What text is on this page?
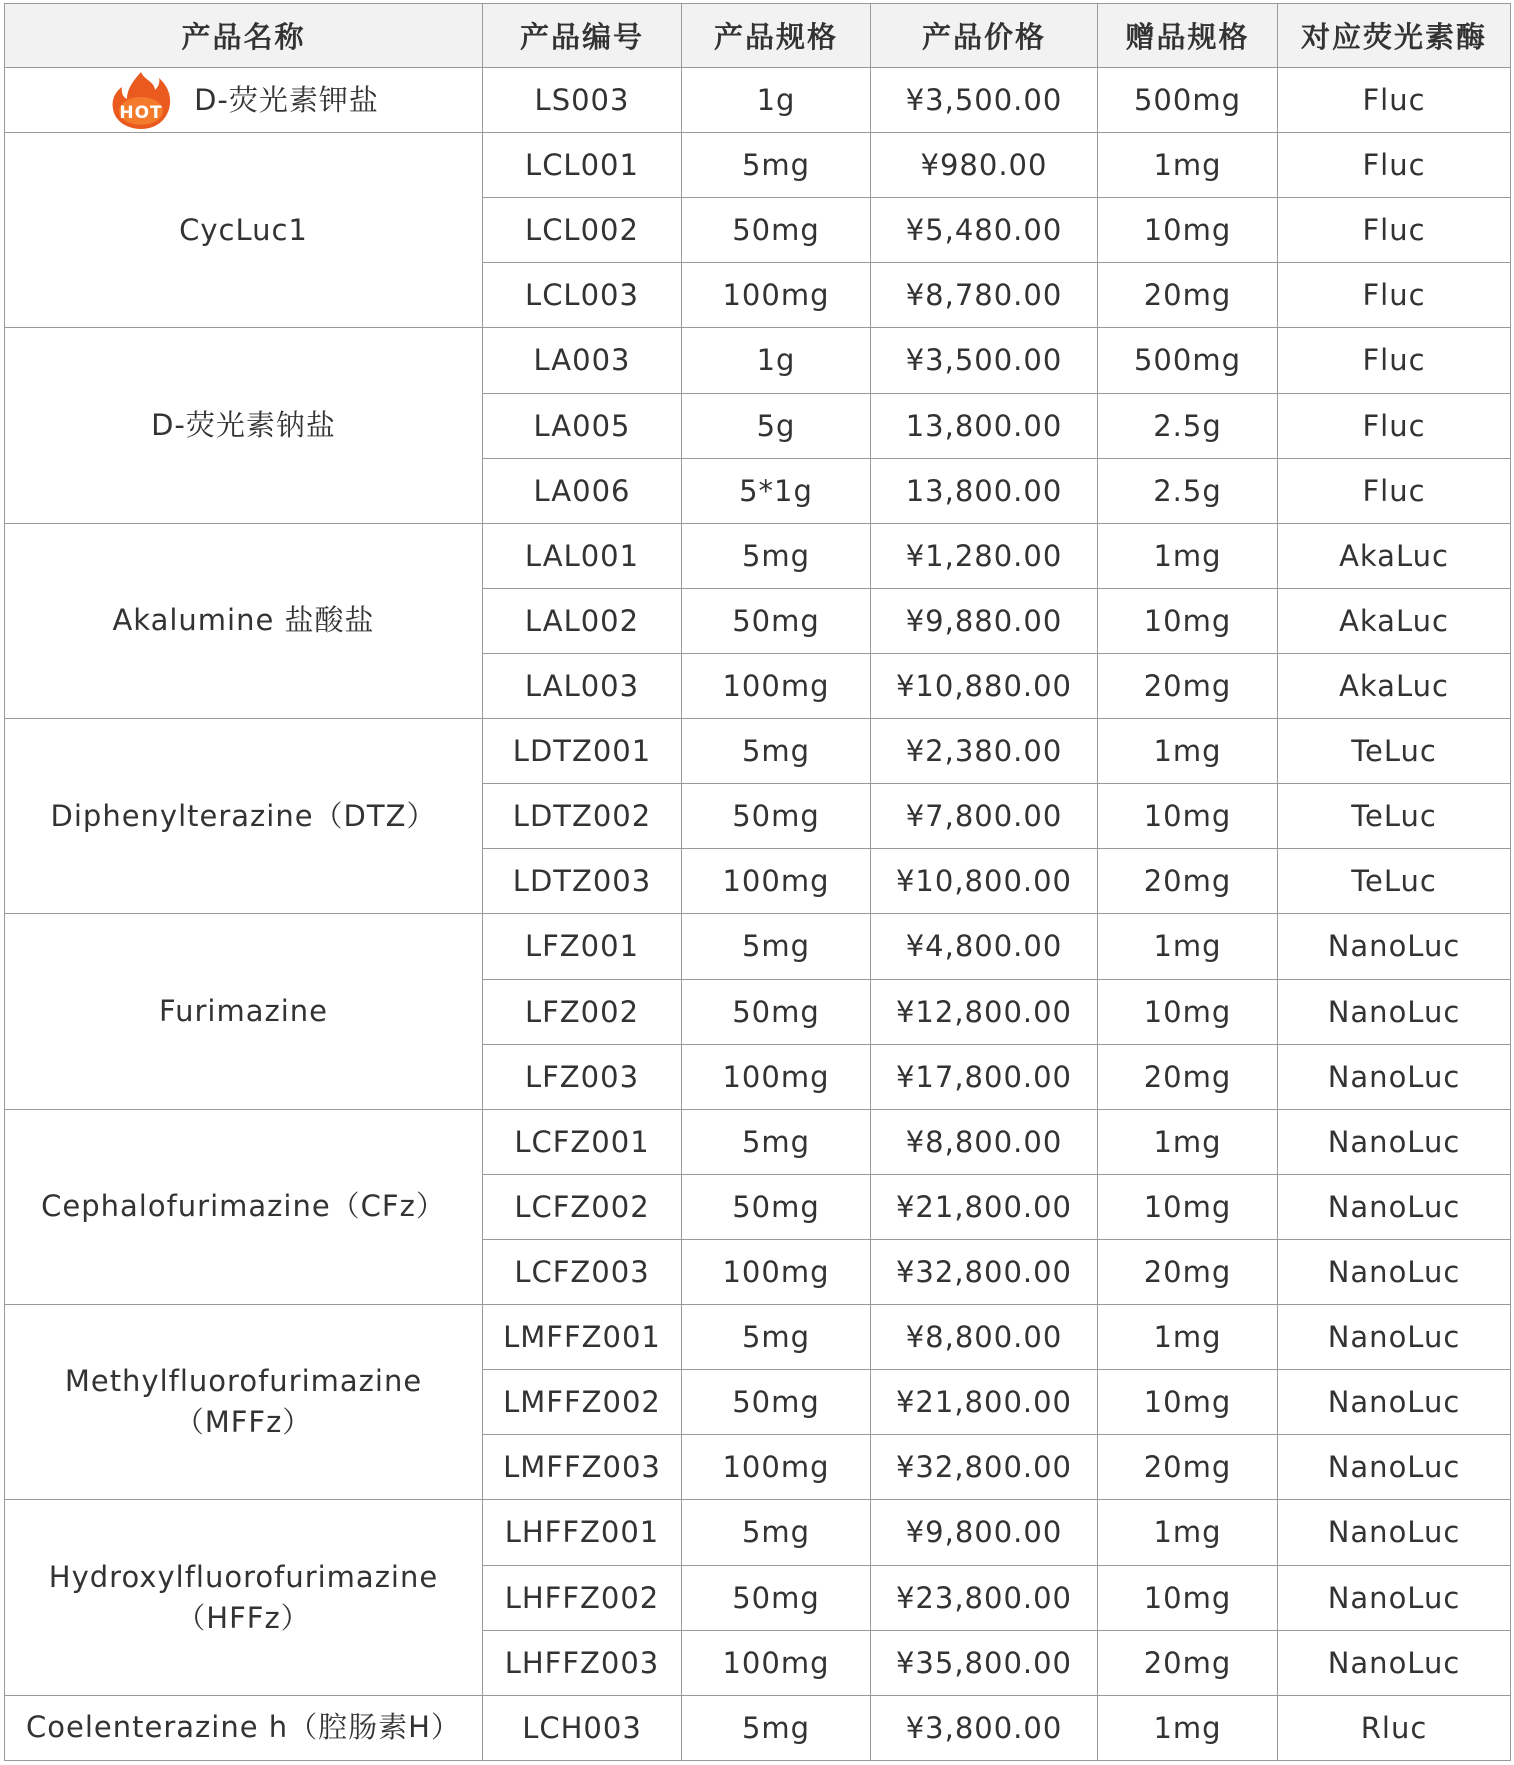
产品名称	产品编号	产品规格	产品价格	赠品规格	对应荧光素酶

HOT D-荧光素钾盐	LS003	1g	¥3,500.00	500mg	Fluc
CycLuc1	LCL001	5mg	¥980.00	1mg	Fluc
	LCL002	50mg	¥5,480.00	10mg	Fluc
	LCL003	100mg	¥8,780.00	20mg	Fluc
D-荧光素钠盐	LA003	1g	¥3,500.00	500mg	Fluc
	LA005	5g	13,800.00	2.5g	Fluc
	LA006	5*1g	13,800.00	2.5g	Fluc
Akalumine 盐酸盐	LAL001	5mg	¥1,280.00	1mg	AkaLuc
	LAL002	50mg	¥9,880.00	10mg	AkaLuc
	LAL003	100mg	¥10,880.00	20mg	AkaLuc
Diphenylterazine（DTZ）	LDTZ001	5mg	¥2,380.00	1mg	TeLuc
	LDTZ002	50mg	¥7,800.00	10mg	TeLuc
	LDTZ003	100mg	¥10,800.00	20mg	TeLuc
Furimazine	LFZ001	5mg	¥4,800.00	1mg	NanoLuc
	LFZ002	50mg	¥12,800.00	10mg	NanoLuc
	LFZ003	100mg	¥17,800.00	20mg	NanoLuc
Cephalofurimazine（CFz）	LCFZ001	5mg	¥8,800.00	1mg	NanoLuc
	LCFZ002	50mg	¥21,800.00	10mg	NanoLuc
	LCFZ003	100mg	¥32,800.00	20mg	NanoLuc
Methylfluorofurimazine
（MFFz）	LMFFZ001	5mg	¥8,800.00	1mg	NanoLuc
	LMFFZ002	50mg	¥21,800.00	10mg	NanoLuc
	LMFFZ003	100mg	¥32,800.00	20mg	NanoLuc
Hydroxylfluorofurimazine
（HFFz）	LHFFZ001	5mg	¥9,800.00	1mg	NanoLuc
	LHFFZ002	50mg	¥23,800.00	10mg	NanoLuc
	LHFFZ003	100mg	¥35,800.00	20mg	NanoLuc
Coelenterazine h（腔肠素H）	LCH003	5mg	¥3,800.00	1mg	Rluc
